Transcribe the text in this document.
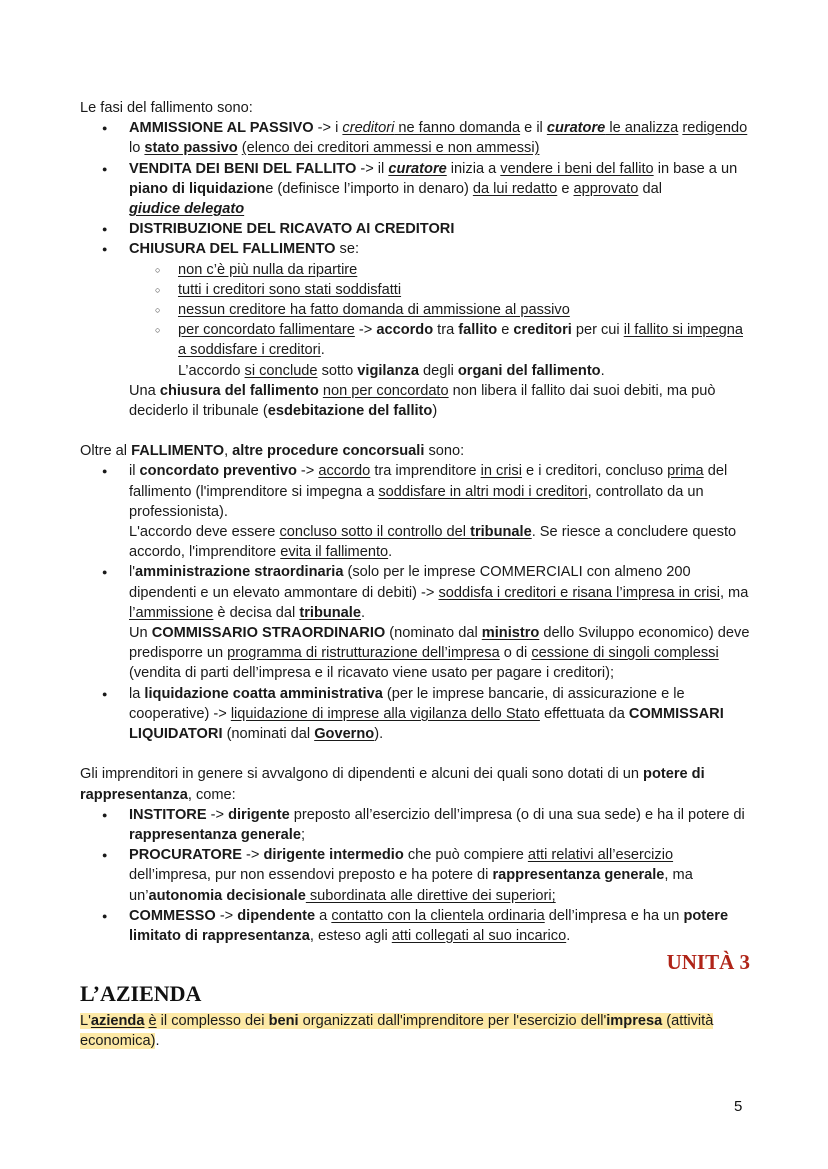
Le fasi del fallimento sono:

● AMMISSIONE AL PASSIVO -> i creditori ne fanno domanda e il curatore le analizza redigendo lo stato passivo (elenco dei creditori ammessi e non ammessi)
● VENDITA DEI BENI DEL FALLITO -> il curatore inizia a vendere i beni del fallito in base a un piano di liquidazione (definisce l’importo in denaro) da lui redatto e approvato dal
giudice delegato
● DISTRIBUZIONE DEL RICAVATO AI CREDITORI
● CHIUSURA DEL FALLIMENTO se:
○ non c’è più nulla da ripartire
○ tutti i creditori sono stati soddisfatti
○ nessun creditore ha fatto domanda di ammissione al passivo
○ per concordato fallimentare -> accordo tra fallito e creditori per cui il fallito si impegna a soddisfare i creditori.
L’accordo si conclude sotto vigilanza degli organi del fallimento.

Una chiusura del fallimento non per concordato non libera il fallito dai suoi debiti, ma può deciderlo il tribunale (esdebitazione del fallito)

Oltre al FALLIMENTO, altre procedure concorsuali sono:

● il concordato preventivo -> accordo tra imprenditore in crisi e i creditori, concluso prima del fallimento (l'imprenditore si impegna a soddisfare in altri modi i creditori, controllato da un professionista).
L'accordo deve essere concluso sotto il controllo del tribunale. Se riesce a concludere questo accordo, l'imprenditore evita il fallimento.
● l'amministrazione straordinaria (solo per le imprese COMMERCIALI con almeno 200 dipendenti e un elevato ammontare di debiti) -> soddisfa i creditori e risana l’impresa in crisi, ma l’ammissione è decisa dal tribunale.
Un COMMISSARIO STRAORDINARIO (nominato dal ministro dello Sviluppo economico) deve predisporre un programma di ristrutturazione dell’impresa o di cessione di singoli complessi (vendita di parti dell’impresa e il ricavato viene usato per pagare i creditori);
● la liquidazione coatta amministrativa (per le imprese bancarie, di assicurazione e le cooperative) -> liquidazione di imprese alla vigilanza dello Stato effettuata da COMMISSARI LIQUIDATORI (nominati dal Governo).

Gli imprenditori in genere si avvalgono di dipendenti e alcuni dei quali sono dotati di un potere di rappresentanza, come:

● INSTITORE -> dirigente preposto all’esercizio dell’impresa (o di una sua sede) e ha il potere di rappresentanza generale;
● PROCURATORE -> dirigente intermedio che può compiere atti relativi all’esercizio dell’impresa, pur non essendovi preposto e ha potere di rappresentanza generale, ma un’autonomia decisionale subordinata alle direttive dei superiori;
● COMMESSO -> dipendente a contatto con la clientela ordinaria dell’impresa e ha un potere limitato di rappresentanza, esteso agli atti collegati al suo incarico.
UNITÀ 3
L’AZIENDA

L'azienda è il complesso dei beni organizzati dall'imprenditore per l'esercizio dell'impresa (attività economica).

5
